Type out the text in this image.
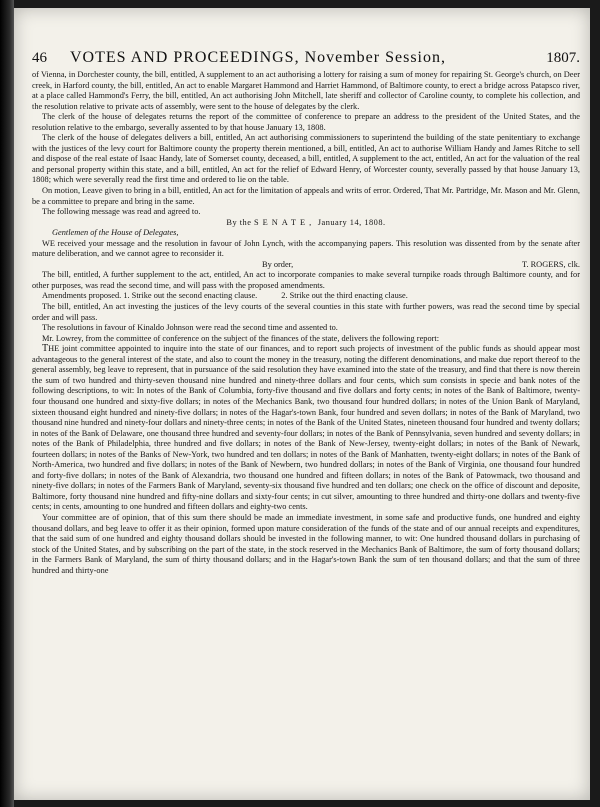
46 VOTES AND PROCEEDINGS, November Session,	1807.

of Vienna, in Dorchester county, the bill, entitled, A supplement to an act authorising a lottery for raising a sum of money for repairing St. George's church, on Deer creek, in Harford county, the bill, entitled, An act to enable Margaret Hammond and Harriet Hammond, of Baltimore county, to erect a bridge across Patapsco river, at a place called Hammond's Ferry, the bill, entitled, An act authorising John Mitchell, late sheriff and collector of Caroline county, to complete his collection, and the resolution relative to private acts of assembly, were sent to the house of delegates by the clerk.

The clerk of the house of delegates returns the report of the committee of conference to prepare an address to the president of the United States, and the resolution relative to the embargo, severally assented to by that house January 13, 1808.

The clerk of the house of delegates delivers a bill, entitled, An act authorising commissioners to superintend the building of the state penitentiary to exchange with the justices of the levy court for Baltimore county the property therein mentioned, a bill, entitled, An act to authorise William Handy and James Ritche to sell and dispose of the real estate of Isaac Handy, late of Somerset county, deceased, a bill, entitled, A supplement to the act, entitled, An act for the valuation of the real and personal property within this state, and a bill, entitled, An act for the relief of Edward Henry, of Worcester county, severally passed by that house January 13, 1808; which were severally read the first time and ordered to lie on the table.

On motion, Leave given to bring in a bill, entitled, An act for the limitation of appeals and writs of error. Ordered, That Mr. Partridge, Mr. Mason and Mr. Glenn, be a committee to prepare and bring in the same.

The following message was read and agreed to.

By the SENATE, January 14, 1808.

Gentlemen of the House of Delegates,

WE received your message and the resolution in favour of John Lynch, with the accompanying papers. This resolution was dissented from by the senate after mature deliberation, and we cannot agree to reconsider it.

By order,	T. ROGERS, clk.

The bill, entitled, A further supplement to the act, entitled, An act to incorporate companies to make several turnpike roads through Baltimore county, and for other purposes, was read the second time, and will pass with the proposed amendments.

Amendments proposed. 1. Strike out the second enacting clause.	2. Strike out the third enacting clause.

The bill, entitled, An act investing the justices of the levy courts of the several counties in this state with further powers, was read the second time by special order and will pass.

The resolutions in favour of Kinaldo Johnson were read the second time and assented to.

Mr. Lowrey, from the committee of conference on the subject of the finances of the state, delivers the following report:

THE joint committee appointed to inquire into the state of our finances, and to report such projects of investment of the public funds as should appear most advantageous to the general interest of the state, and also to count the money in the treasury, noting the different denominations, and make due report thereof to the general assembly, beg leave to represent, that in pursuance of the said resolution they have examined into the state of the treasury, and find that there is now therein the sum of two hundred and thirty-seven thousand nine hundred and ninety-three dollars and four cents, which sum consists in specie and bank notes of the following descriptions, to wit: In notes of the Bank of Columbia, forty-five thousand and five dollars and forty cents; in notes of the Bank of Baltimore, twenty-four thousand one hundred and sixty-five dollars; in notes of the Mechanics Bank, two thousand four hundred dollars; in notes of the Union Bank of Maryland, sixteen thousand eight hundred and ninety-five dollars; in notes of the Hagar's-town Bank, four hundred and seven dollars; in notes of the Bank of Maryland, two thousand nine hundred and ninety-four dollars and ninety-three cents; in notes of the Bank of the United States, nineteen thousand four hundred and twenty dollars; in notes of the Bank of Delaware, one thousand three hundred and seventy-four dollars; in notes of the Bank of Pennsylvania, seven hundred and seventy dollars; in notes of the Bank of Philadelphia, three hundred and five dollars; in notes of the Bank of New-Jersey, twenty-eight dollars; in notes of the Bank of Newark, fourteen dollars; in notes of the Banks of New-York, two hundred and ten dollars; in notes of the Bank of Manhatten, twenty-eight dollars; in notes of the Bank of North-America, two hundred and five dollars; in notes of the Bank of Newbern, two hundred dollars; in notes of the Bank of Virginia, one thousand four hundred and forty-five dollars; in notes of the Bank of Alexandria, two thousand one hundred and fifteen dollars; in notes of the Bank of Patowmack, two thousand and ninety-five dollars; in notes of the Farmers Bank of Maryland, seventy-six thousand five hundred and ten dollars; one check on the office of discount and deposite, Baltimore, forty thousand nine hundred and fifty-nine dollars and sixty-four cents; in cut silver, amounting to three hundred and thirty-one dollars and twenty-five cents; in cents, amounting to one hundred and fifteen dollars and eighty-two cents.

Your committee are of opinion, that of this sum there should be made an immediate investment, in some safe and productive funds, one hundred and eighty thousand dollars, and beg leave to offer it as their opinion, formed upon mature consideration of the funds of the state and of our annual receipts and expenditures, that the said sum of one hundred and eighty thousand dollars should be invested in the following manner, to wit: One hundred thousand dollars in purchasing of stock of the United States, and by subscribing on the part of the state, in the stock reserved in the Mechanics Bank of Baltimore, the sum of forty thousand dollars; in the Farmers Bank of Maryland, the sum of thirty thousand dollars; and in the Hagar's-town Bank the sum of ten thousand dollars; and that the sum of three hundred and thirty-one
